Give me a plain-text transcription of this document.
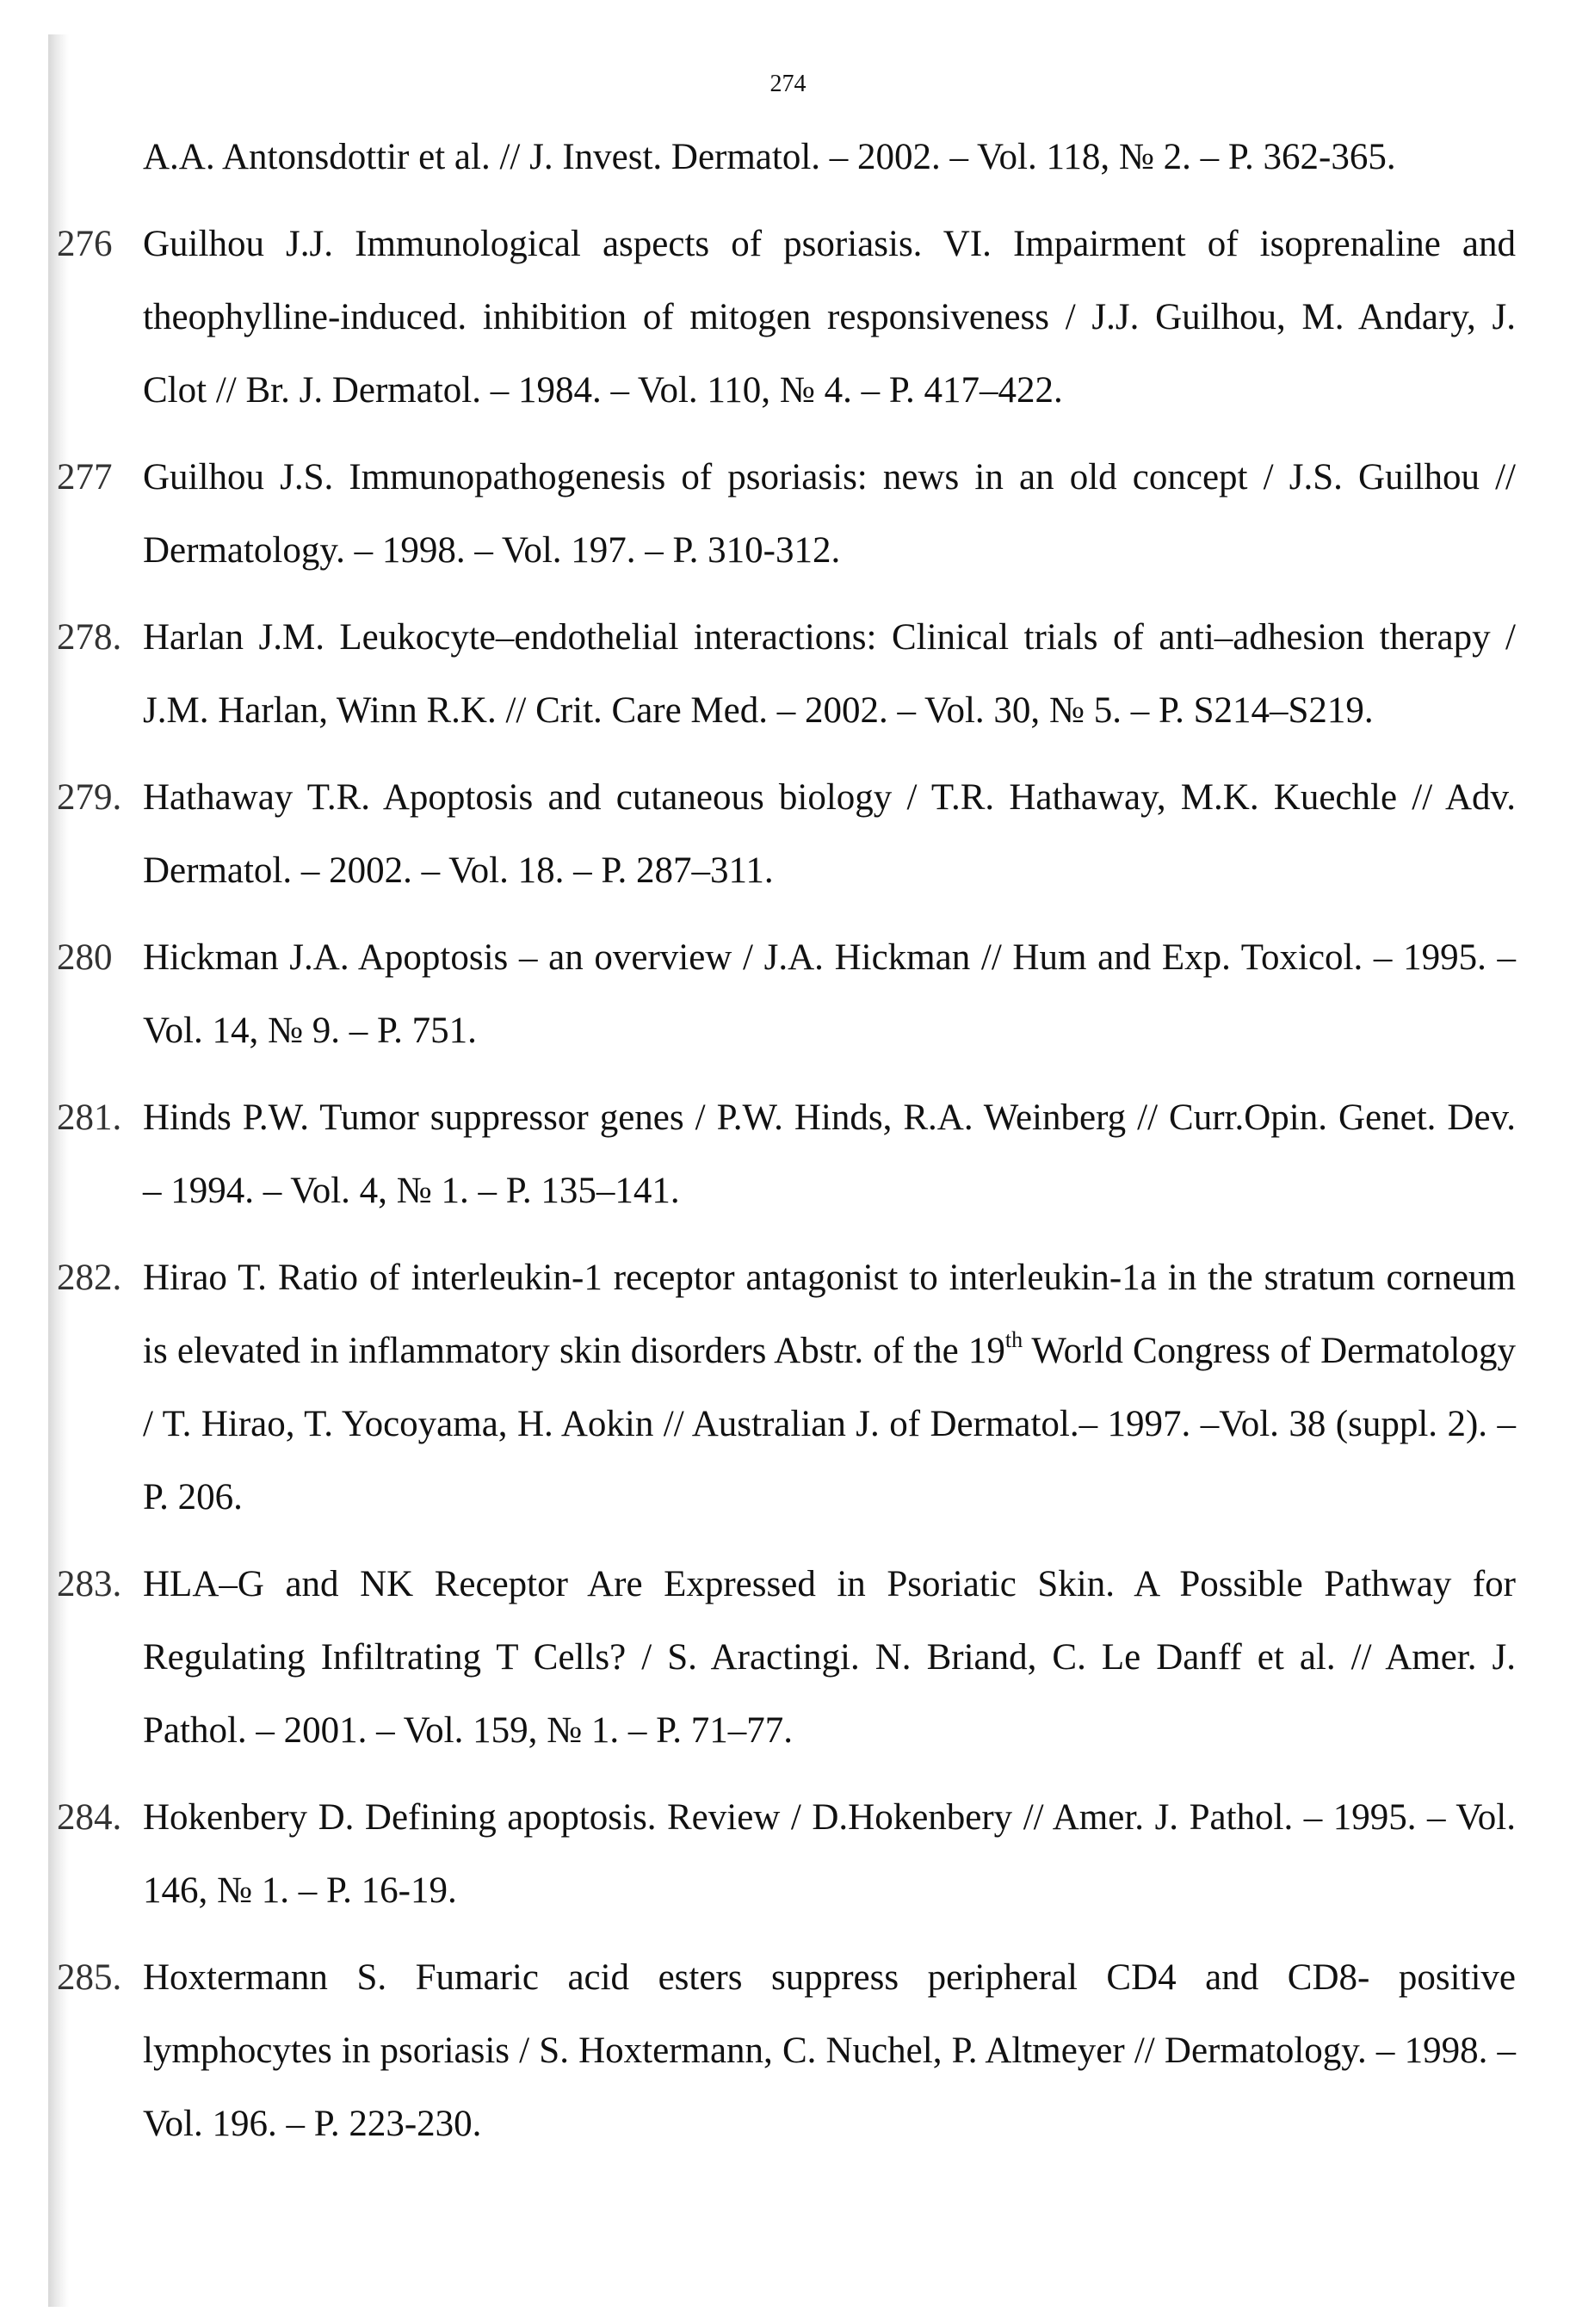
274
A.A. Antonsdottir et al. // J. Invest. Dermatol. – 2002. – Vol. 118, № 2. – P. 362-365.
276 Guilhou J.J. Immunological aspects of psoriasis. VI. Impairment of isoprenaline and theophylline-induced. inhibition of mitogen responsiveness / J.J. Guilhou, M. Andary, J. Clot // Br. J. Dermatol. – 1984. – Vol. 110, № 4. – P. 417–422.
277 Guilhou J.S. Immunopathogenesis of psoriasis: news in an old concept / J.S. Guilhou // Dermatology. – 1998. – Vol. 197. – P. 310-312.
278. Harlan J.M. Leukocyte–endothelial interactions: Clinical trials of anti–adhesion therapy / J.M. Harlan, Winn R.K. // Crit. Care Med. – 2002. – Vol. 30, № 5. – P. S214–S219.
279. Hathaway T.R. Apoptosis and cutaneous biology / T.R. Hathaway, M.K. Kuechle // Adv. Dermatol. – 2002. – Vol. 18. – P. 287–311.
280 Hickman J.A. Apoptosis – an overview / J.A. Hickman // Hum and Exp. Toxicol. – 1995. – Vol. 14, № 9. – P. 751.
281. Hinds P.W. Tumor suppressor genes / P.W. Hinds, R.A. Weinberg // Curr.Opin. Genet. Dev. – 1994. – Vol. 4, № 1. – P. 135–141.
282. Hirao T. Ratio of interleukin-1 receptor antagonist to interleukin-1a in the stratum corneum is elevated in inflammatory skin disorders Abstr. of the 19th World Congress of Dermatology / T. Hirao, T. Yocoyama, H. Aokin // Australian J. of Dermatol.– 1997. –Vol. 38 (suppl. 2). – P. 206.
283. HLA–G and NK Receptor Are Expressed in Psoriatic Skin. A Possible Pathway for Regulating Infiltrating T Cells? / S. Aractingi. N. Briand, C. Le Danff et al. // Amer. J. Pathol. – 2001. – Vol. 159, № 1. – P. 71–77.
284. Hokenbery D. Defining apoptosis. Review / D.Hokenbery // Amer. J. Pathol. – 1995. – Vol. 146, № 1. – P. 16-19.
285. Hoxtermann S. Fumaric acid esters suppress peripheral CD4 and CD8- positive lymphocytes in psoriasis / S. Hoxtermann, C. Nuchel, P. Altmeyer // Dermatology. – 1998. – Vol. 196. – P. 223-230.
